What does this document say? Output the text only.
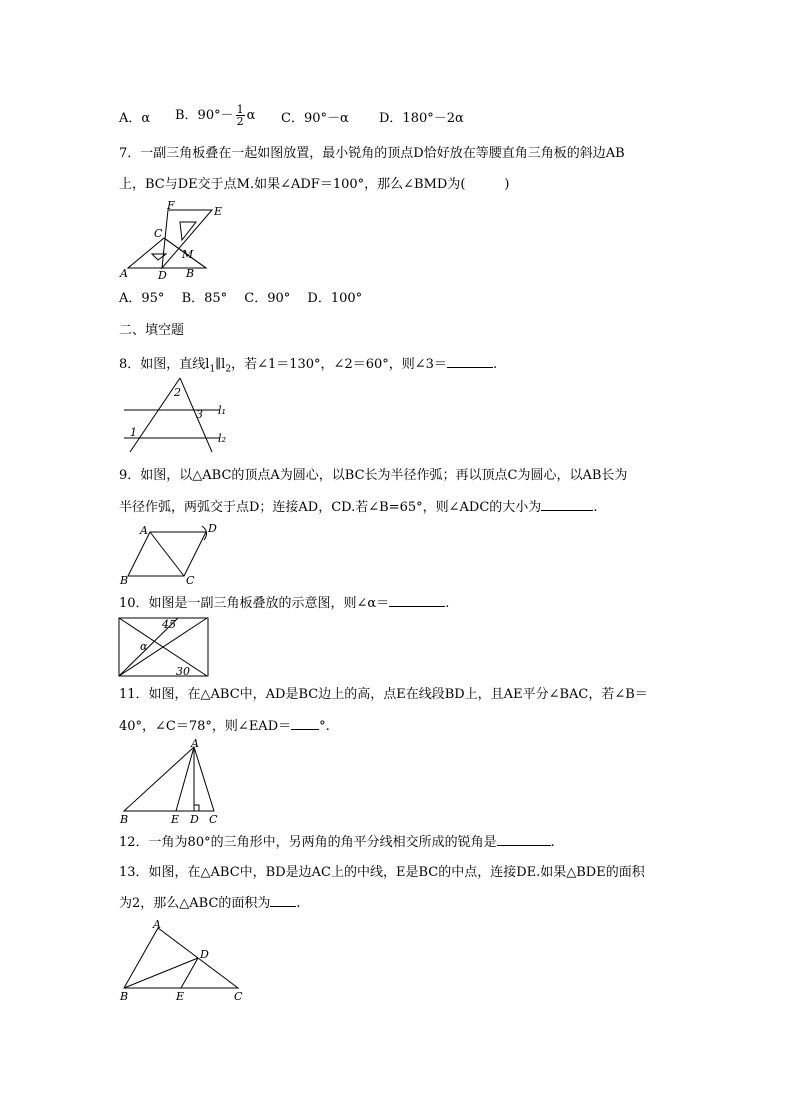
A．α B．$90^\circ- \frac{1}{2}$ α C．90°－α D．180°－2α
7．一副三角板叠在一起如图放置，最小锐角的顶点D恰好放在等腰直角三角板的斜边AB
上，BC与DE交于点M.如果∠ADF＝100°，那么∠BMD为(　　　)
A	B
C
D
E
F
M
A．95°　 B．85°　 C．90°　 D．100°
二、填空题
8．如图，直线$l_1\parallel l_2$，若∠1＝130°，∠2＝60°，则∠3＝	.
2
3
1
l₁
l₂
9．如图，以△ABC的顶点A为圆心，以BC长为半径作弧；再以顶点C为圆心，以AB长为
半径作弧，两弧交于点D；连接AD，CD.若∠B=65°，则∠ADC的大小为	.
A	D
B	C
10．如图是一副三角板叠放的示意图，则∠α＝	.
45
α
30
11．如图，在△ABC中，AD是BC边上的高，点E在线段BD上，且AE平分∠BAC，若∠B＝
40°，∠C＝78°，则∠EAD＝ °.
A
B	E D C
12．一角为80°的三角形中，另两角的角平分线相交所成的锐角是	.
13．如图，在△ABC中，BD是边AC上的中线，E是BC的中点，连接DE.如果△BDE的面积
为2，那么△ABC的面积为 .
A
B	E	C
D
